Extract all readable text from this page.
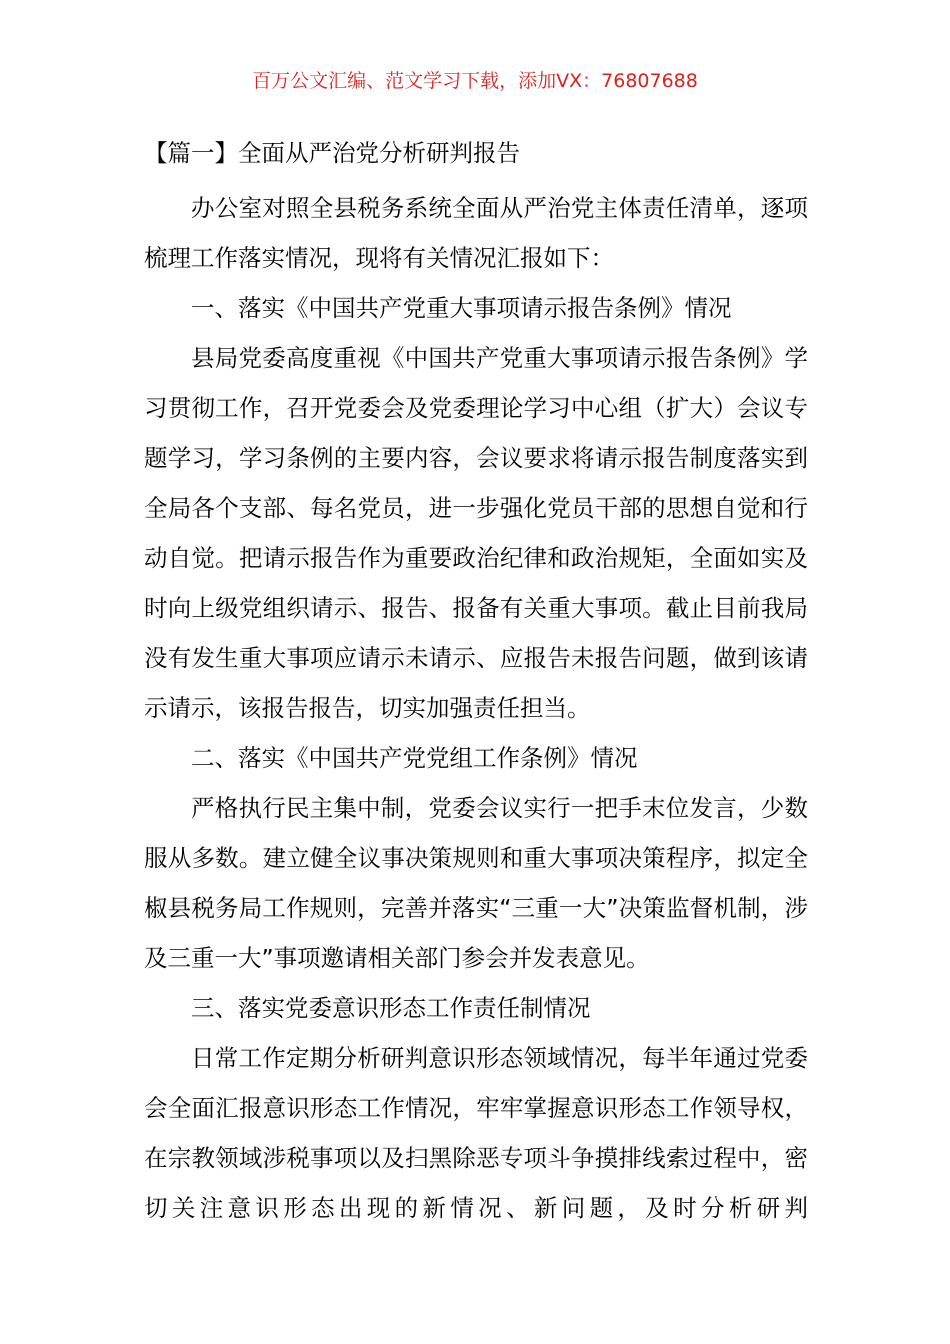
百万公文汇编、范文学习下载，添加VX：76807688

【篇一】全面从严治党分析研判报告

办公室对照全县税务系统全面从严治党主体责任清单，逐项梳理工作落实情况，现将有关情况汇报如下：

一、落实《中国共产党重大事项请示报告条例》情况

县局党委高度重视《中国共产党重大事项请示报告条例》学习贯彻工作，召开党委会及党委理论学习中心组（扩大）会议专题学习，学习条例的主要内容，会议要求将请示报告制度落实到全局各个支部、每名党员，进一步强化党员干部的思想自觉和行动自觉。把请示报告作为重要政治纪律和政治规矩，全面如实及时向上级党组织请示、报告、报备有关重大事项。截止目前我局没有发生重大事项应请示未请示、应报告未报告问题，做到该请示请示，该报告报告，切实加强责任担当。

二、落实《中国共产党党组工作条例》情况

严格执行民主集中制，党委会议实行一把手末位发言，少数服从多数。建立健全议事决策规则和重大事项决策程序，拟定全椒县税务局工作规则，完善并落实“三重一大”决策监督机制，涉及三重一大”事项邀请相关部门参会并发表意见。

三、落实党委意识形态工作责任制情况

日常工作定期分析研判意识形态领域情况，每半年通过党委会全面汇报意识形态工作情况，牢牢掌握意识形态工作领导权，在宗教领域涉税事项以及扫黑除恶专项斗争摸排线索过程中，密切关注意识形态出现的新情况、新问题，及时分析研判
